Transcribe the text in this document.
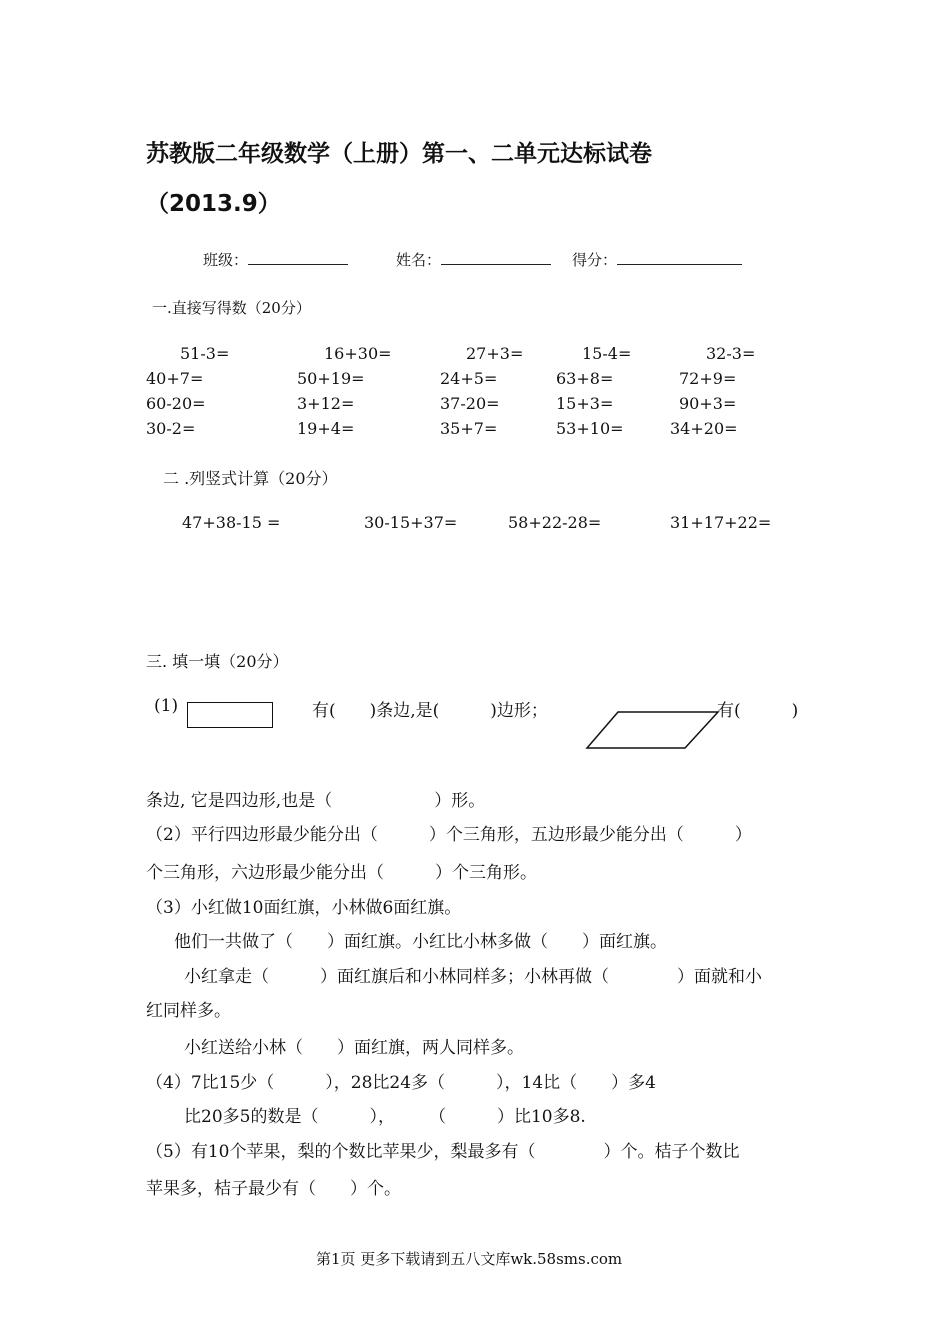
苏教版二年级数学（上册）第一、二单元达标试卷
（2013.9）
班级：	姓名：	得分：
一.直接写得数（20分）
51-3=	16+30=	27+3=	15-4=	32-3=
40+7=	50+19=	24+5=	63+8=	72+9=
60-20=	3+12=	37-20=	15+3=	90+3=
30-2=	19+4=	35+7=	53+10=	34+20=
二 .列竖式计算（20分）
47+38-15 =	30-15+37=	58+22-28=	31+17+22=
三. 填一填（20分）
(1)	有(　　)条边,是(　　　)边形；	有(　　　)
条边, 它是四边形,也是（　　　　　　）形。
（2）平行四边形最少能分出（　　　）个三角形，五边形最少能分出（　　　）
个三角形，六边形最少能分出（　　　）个三角形。
（3）小红做10面红旗，小林做6面红旗。
他们一共做了（　　）面红旗。小红比小林多做（　　）面红旗。
小红拿走（　　　）面红旗后和小林同样多；小林再做（　　　　）面就和小
红同样多。
小红送给小林（　　）面红旗，两人同样多。
（4）7比15少（　　　），28比24多（　　　），14比（　　）多4
比20多5的数是（　　　），　　　（　　　）比10多8.
（5）有10个苹果，梨的个数比苹果少，梨最多有（　　　　）个。桔子个数比
苹果多，桔子最少有（　　）个。
第1页 更多下载请到五八文库wk.58sms.com
